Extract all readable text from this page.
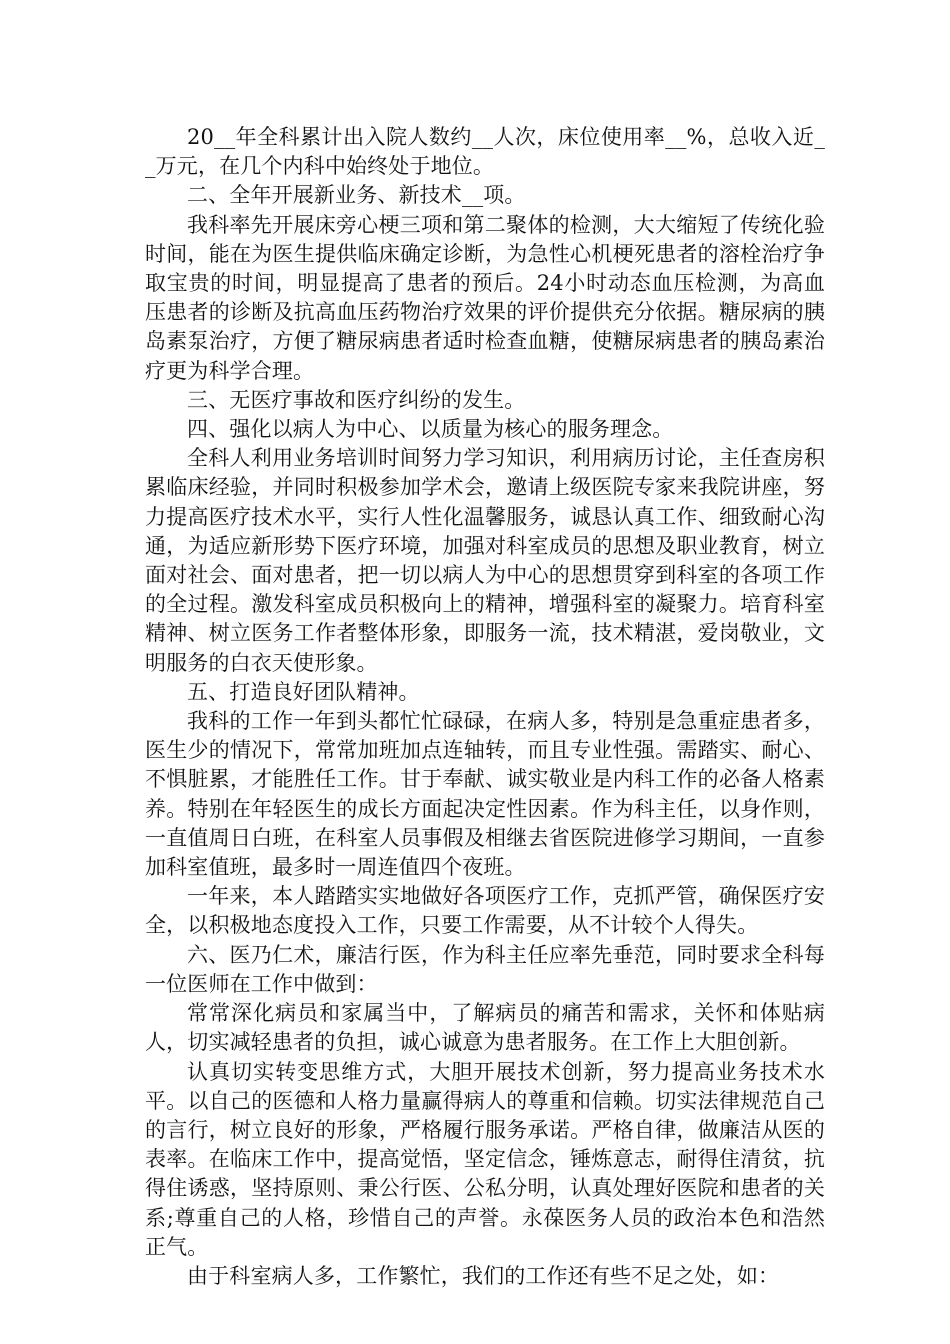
20__年全科累计出入院人数约__人次，床位使用率__%，总收入近__万元，在几个内科中始终处于地位。

二、全年开展新业务、新技术__项。

我科率先开展床旁心梗三项和第二聚体的检测，大大缩短了传统化验时间，能在为医生提供临床确定诊断，为急性心机梗死患者的溶栓治疗争取宝贵的时间，明显提高了患者的预后。24小时动态血压检测，为高血压患者的诊断及抗高血压药物治疗效果的评价提供充分依据。糖尿病的胰岛素泵治疗，方便了糖尿病患者适时检查血糖，使糖尿病患者的胰岛素治疗更为科学合理。

三、无医疗事故和医疗纠纷的发生。

四、强化以病人为中心、以质量为核心的服务理念。

全科人利用业务培训时间努力学习知识，利用病历讨论，主任查房积累临床经验，并同时积极参加学术会，邀请上级医院专家来我院讲座，努力提高医疗技术水平，实行人性化温馨服务，诚恳认真工作、细致耐心沟通，为适应新形势下医疗环境，加强对科室成员的思想及职业教育，树立面对社会、面对患者，把一切以病人为中心的思想贯穿到科室的各项工作的全过程。激发科室成员积极向上的精神，增强科室的凝聚力。培育科室精神、树立医务工作者整体形象，即服务一流，技术精湛，爱岗敬业，文明服务的白衣天使形象。

五、打造良好团队精神。

我科的工作一年到头都忙忙碌碌，在病人多，特别是急重症患者多，医生少的情况下，常常加班加点连轴转，而且专业性强。需踏实、耐心、不惧脏累，才能胜任工作。甘于奉献、诚实敬业是内科工作的必备人格素养。特别在年轻医生的成长方面起决定性因素。作为科主任，以身作则，一直值周日白班，在科室人员事假及相继去省医院进修学习期间，一直参加科室值班，最多时一周连值四个夜班。

一年来，本人踏踏实实地做好各项医疗工作，克抓严管，确保医疗安全，以积极地态度投入工作，只要工作需要，从不计较个人得失。

六、医乃仁术，廉洁行医，作为科主任应率先垂范，同时要求全科每一位医师在工作中做到：

常常深化病员和家属当中，了解病员的痛苦和需求，关怀和体贴病人，切实减轻患者的负担，诚心诚意为患者服务。在工作上大胆创新。

认真切实转变思维方式，大胆开展技术创新，努力提高业务技术水平。以自己的医德和人格力量赢得病人的尊重和信赖。切实法律规范自己的言行，树立良好的形象，严格履行服务承诺。严格自律，做廉洁从医的表率。在临床工作中，提高觉悟，坚定信念，锤炼意志，耐得住清贫，抗得住诱惑，坚持原则、秉公行医、公私分明，认真处理好医院和患者的关系;尊重自己的人格，珍惜自己的声誉。永葆医务人员的政治本色和浩然正气。

由于科室病人多，工作繁忙，我们的工作还有些不足之处，如：
